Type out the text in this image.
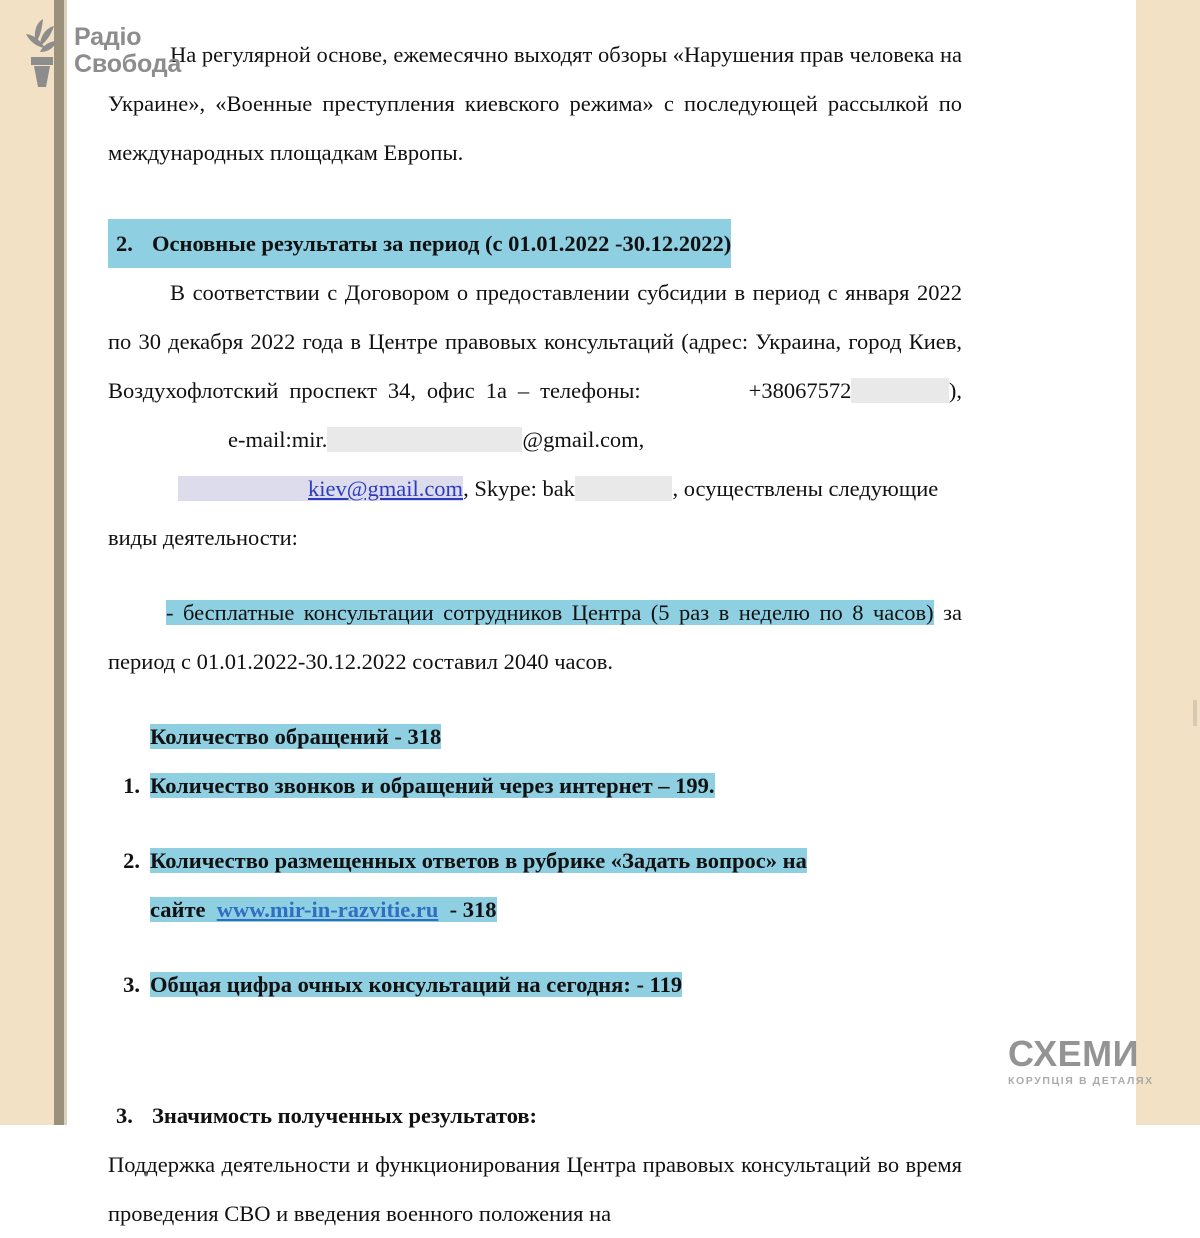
Радіо
Свобода

На регулярной основе, ежемесячно выходят обзоры «Нарушения прав человека на Украине», «Военные преступления киевского режима» с последующей рассылкой по международных площадкам Европы.

2. Основные результаты за период (с 01.01.2022 -30.12.2022)

В соответствии с Договором о предоставлении субсидии в период с января 2022 по 30 декабря 2022 года в Центре правовых консультаций (адрес: Украина, город Киев, Воздухофлотский проспект 34, офис 1а – телефоны:	+38067572	),e-mail:mir.	@gmail.com,

kiev@gmail.com, Skype: bak	, осуществлены следующие виды деятельности:

- бесплатные консультации сотрудников Центра (5 раз в неделю по 8 часов) за период с 01.01.2022-30.12.2022 составил 2040 часов.

Количество обращений - 318
1. Количество звонков и обращений через интернет – 199.
2. Количество размещенных ответов в рубрике «Задать вопрос» на
сайте www.mir-in-razvitie.ru - 318
3. Общая цифра очных консультаций на сегодня: - 119
3. Значимость полученных результатов:

Поддержка деятельности и функционирования Центра правовых консультаций во время проведения СВО и введения военного положения на

СХЕМИ
КОРУПЦІЯ В ДЕТАЛЯХ
